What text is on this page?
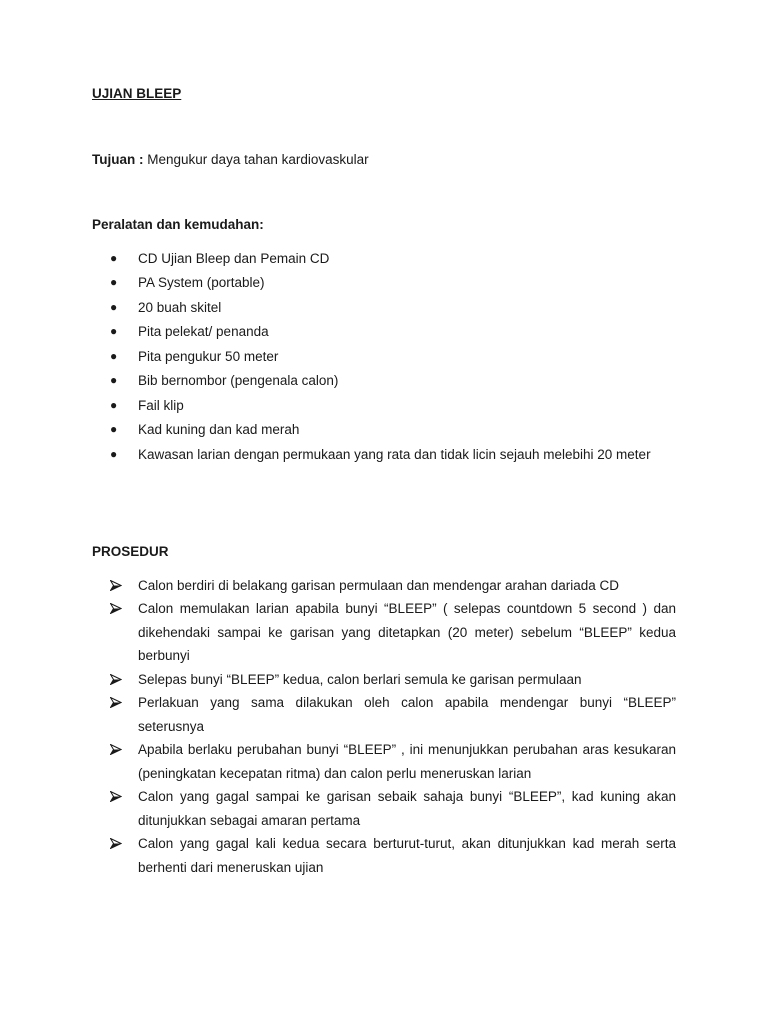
UJIAN BLEEP

Tujuan : Mengukur daya tahan kardiovaskular

Peralatan dan kemudahan:

● CD Ujian Bleep dan Pemain CD
● PA System (portable)
● 20 buah skitel
● Pita pelekat/ penanda
● Pita pengukur 50 meter
● Bib bernombor (pengenala calon)
● Fail klip
● Kad kuning dan kad merah
● Kawasan larian dengan permukaan yang rata dan tidak licin sejauh melebihi 20 meter

PROSEDUR

Calon berdiri di belakang garisan permulaan dan mendengar arahan dariada CD
Calon memulakan larian apabila bunyi “BLEEP” ( selepas countdown 5 second ) dan dikehendaki sampai ke garisan yang ditetapkan (20 meter) sebelum “BLEEP” kedua berbunyi
Selepas bunyi “BLEEP” kedua, calon berlari semula ke garisan permulaan
Perlakuan yang sama dilakukan oleh calon apabila mendengar bunyi “BLEEP” seterusnya
Apabila berlaku perubahan bunyi “BLEEP” , ini menunjukkan perubahan aras kesukaran (peningkatan kecepatan ritma) dan calon perlu meneruskan larian
Calon yang gagal sampai ke garisan sebaik sahaja bunyi “BLEEP”, kad kuning akan ditunjukkan sebagai amaran pertama
Calon yang gagal kali kedua secara berturut-turut, akan ditunjukkan kad merah serta berhenti dari meneruskan ujian
